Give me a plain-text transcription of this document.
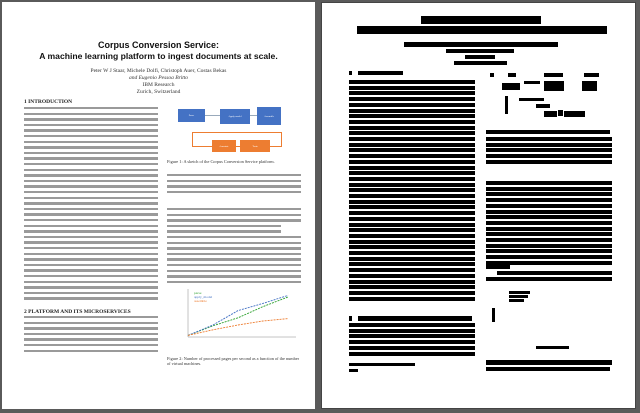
Corpus Conversion Service:
A machine learning platform to ingest documents at scale.
Peter W J Staar, Michele Dolfi, Christoph Auer, Costas Bekas
and Eugenio Pessoa Britto
IBM Research
Zurich, Switzerland
1 INTRODUCTION
2 PLATFORM AND ITS MICROSERVICES
Parse	Apply model	Assemble
Annotate	Train
Figure 1: A sketch of the Corpus Conversion Service platform.
parse
apply_model
assemble
Figure 2: Number of processed pages per second as a function of the number of virtual machines.
